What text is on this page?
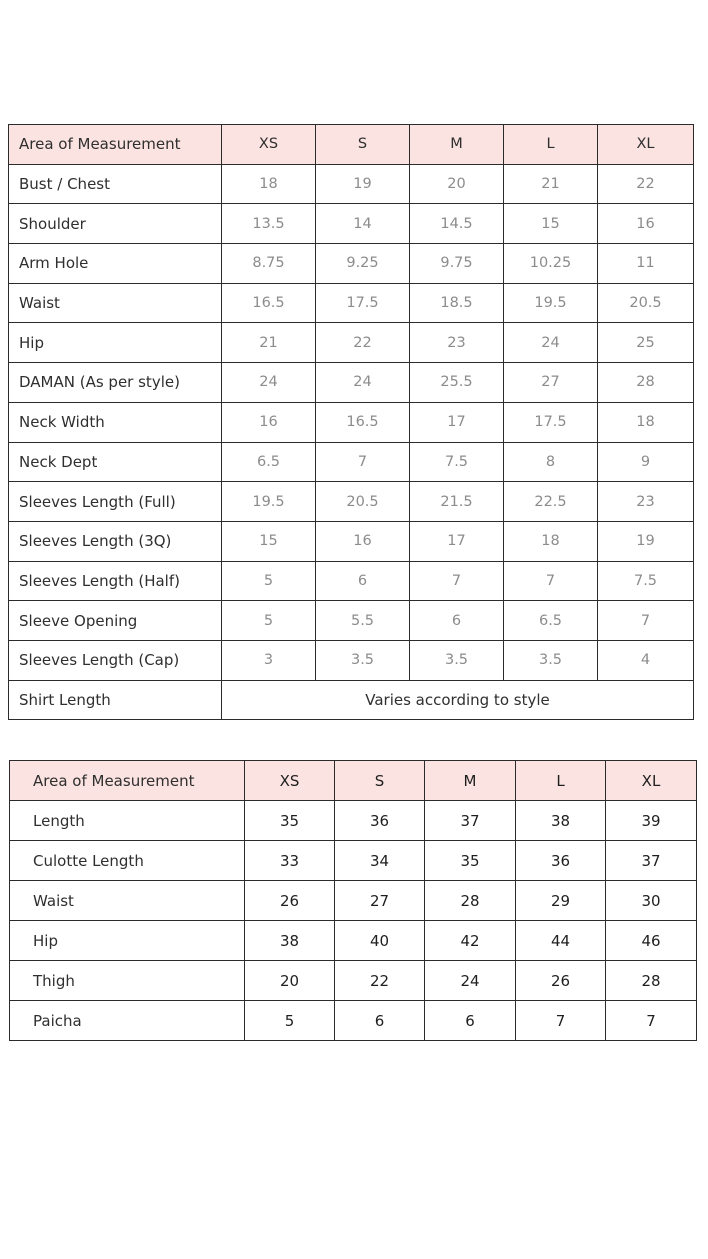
Area of Measurement	XS	S	M	L	XL
Bust / Chest	18	19	20	21	22
Shoulder	13.5	14	14.5	15	16
Arm Hole	8.75	9.25	9.75	10.25	11
Waist	16.5	17.5	18.5	19.5	20.5
Hip	21	22	23	24	25
DAMAN (As per style)	24	24	25.5	27	28
Neck Width	16	16.5	17	17.5	18
Neck Dept	6.5	7	7.5	8	9
Sleeves Length (Full)	19.5	20.5	21.5	22.5	23
Sleeves Length (3Q)	15	16	17	18	19
Sleeves Length (Half)	5	6	7	7	7.5
Sleeve Opening	5	5.5	6	6.5	7
Sleeves Length (Cap)	3	3.5	3.5	3.5	4
Shirt Length	Varies according to style				
Area of Measurement	XS	S	M	L	XL
Length	35	36	37	38	39
Culotte Length	33	34	35	36	37
Waist	26	27	28	29	30
Hip	38	40	42	44	46
Thigh	20	22	24	26	28
Paicha	5	6	6	7	7
